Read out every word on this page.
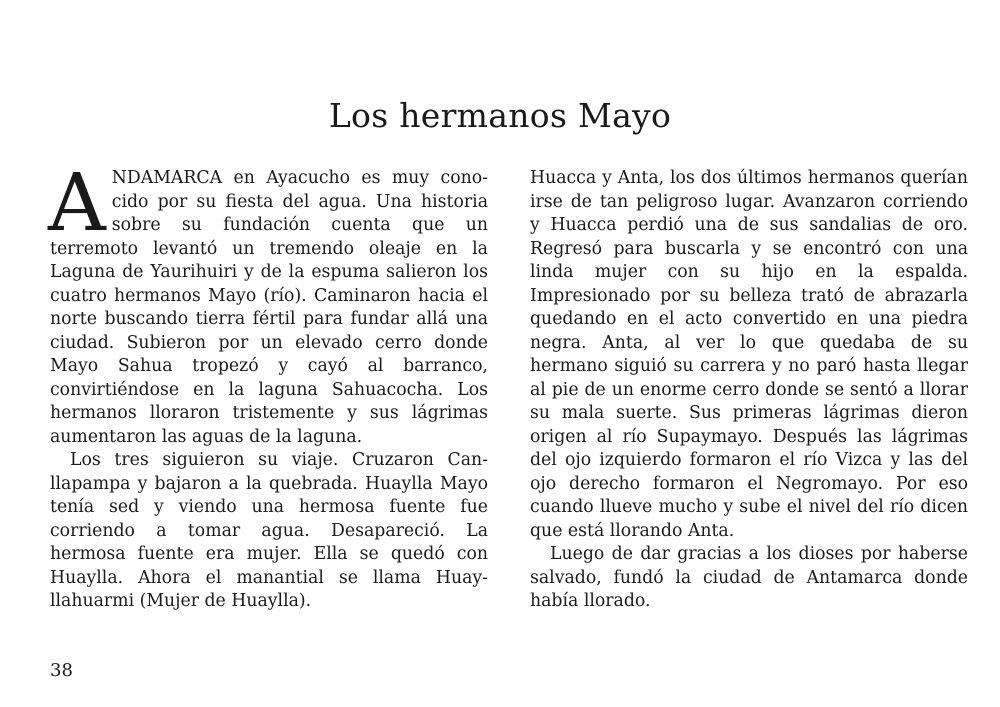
Los hermanos Mayo

ANDAMARCA en Ayacucho es muy conocido por su fiesta del agua. Una historia sobre su fundación cuenta que un terremoto levantó un tremendo oleaje en la Laguna de Yaurihuiri y de la espuma salieron los cuatro hermanos Mayo (río). Caminaron hacia el norte buscando tierra fértil para fundar allá una ciudad. Subieron por un elevado cerro donde Mayo Sahua tropezó y cayó al barranco, convirtiéndose en la laguna Sahuacocha. Los hermanos lloraron tristemente y sus lágrimas aumentaron las aguas de la laguna.

Los tres siguieron su viaje. Cruzaron Canllapampa y bajaron a la quebrada. Huaylla Mayo tenía sed y viendo una hermosa fuente fue corriendo a tomar agua. Desapareció. La hermosa fuente era mujer. Ella se quedó con Huaylla. Ahora el manantial se llama Huayllahuarmi (Mujer de Huaylla).

Huacca y Anta, los dos últimos hermanos querían irse de tan peligroso lugar. Avanzaron corriendo y Huacca perdió una de sus sandalias de oro. Regresó para buscarla y se encontró con una linda mujer con su hijo en la espalda. Impresionado por su belleza trató de abrazarla quedando en el acto convertido en una piedra negra. Anta, al ver lo que quedaba de su hermano siguió su carrera y no paró hasta llegar al pie de un enorme cerro donde se sentó a llorar su mala suerte. Sus primeras lágrimas dieron origen al río Supaymayo. Después las lágrimas del ojo izquierdo formaron el río Vizca y las del ojo derecho formaron el Negromayo. Por eso cuando llueve mucho y sube el nivel del río dicen que está llorando Anta.

Luego de dar gracias a los dioses por haberse salvado, fundó la ciudad de Antamarca donde había llorado.

38
